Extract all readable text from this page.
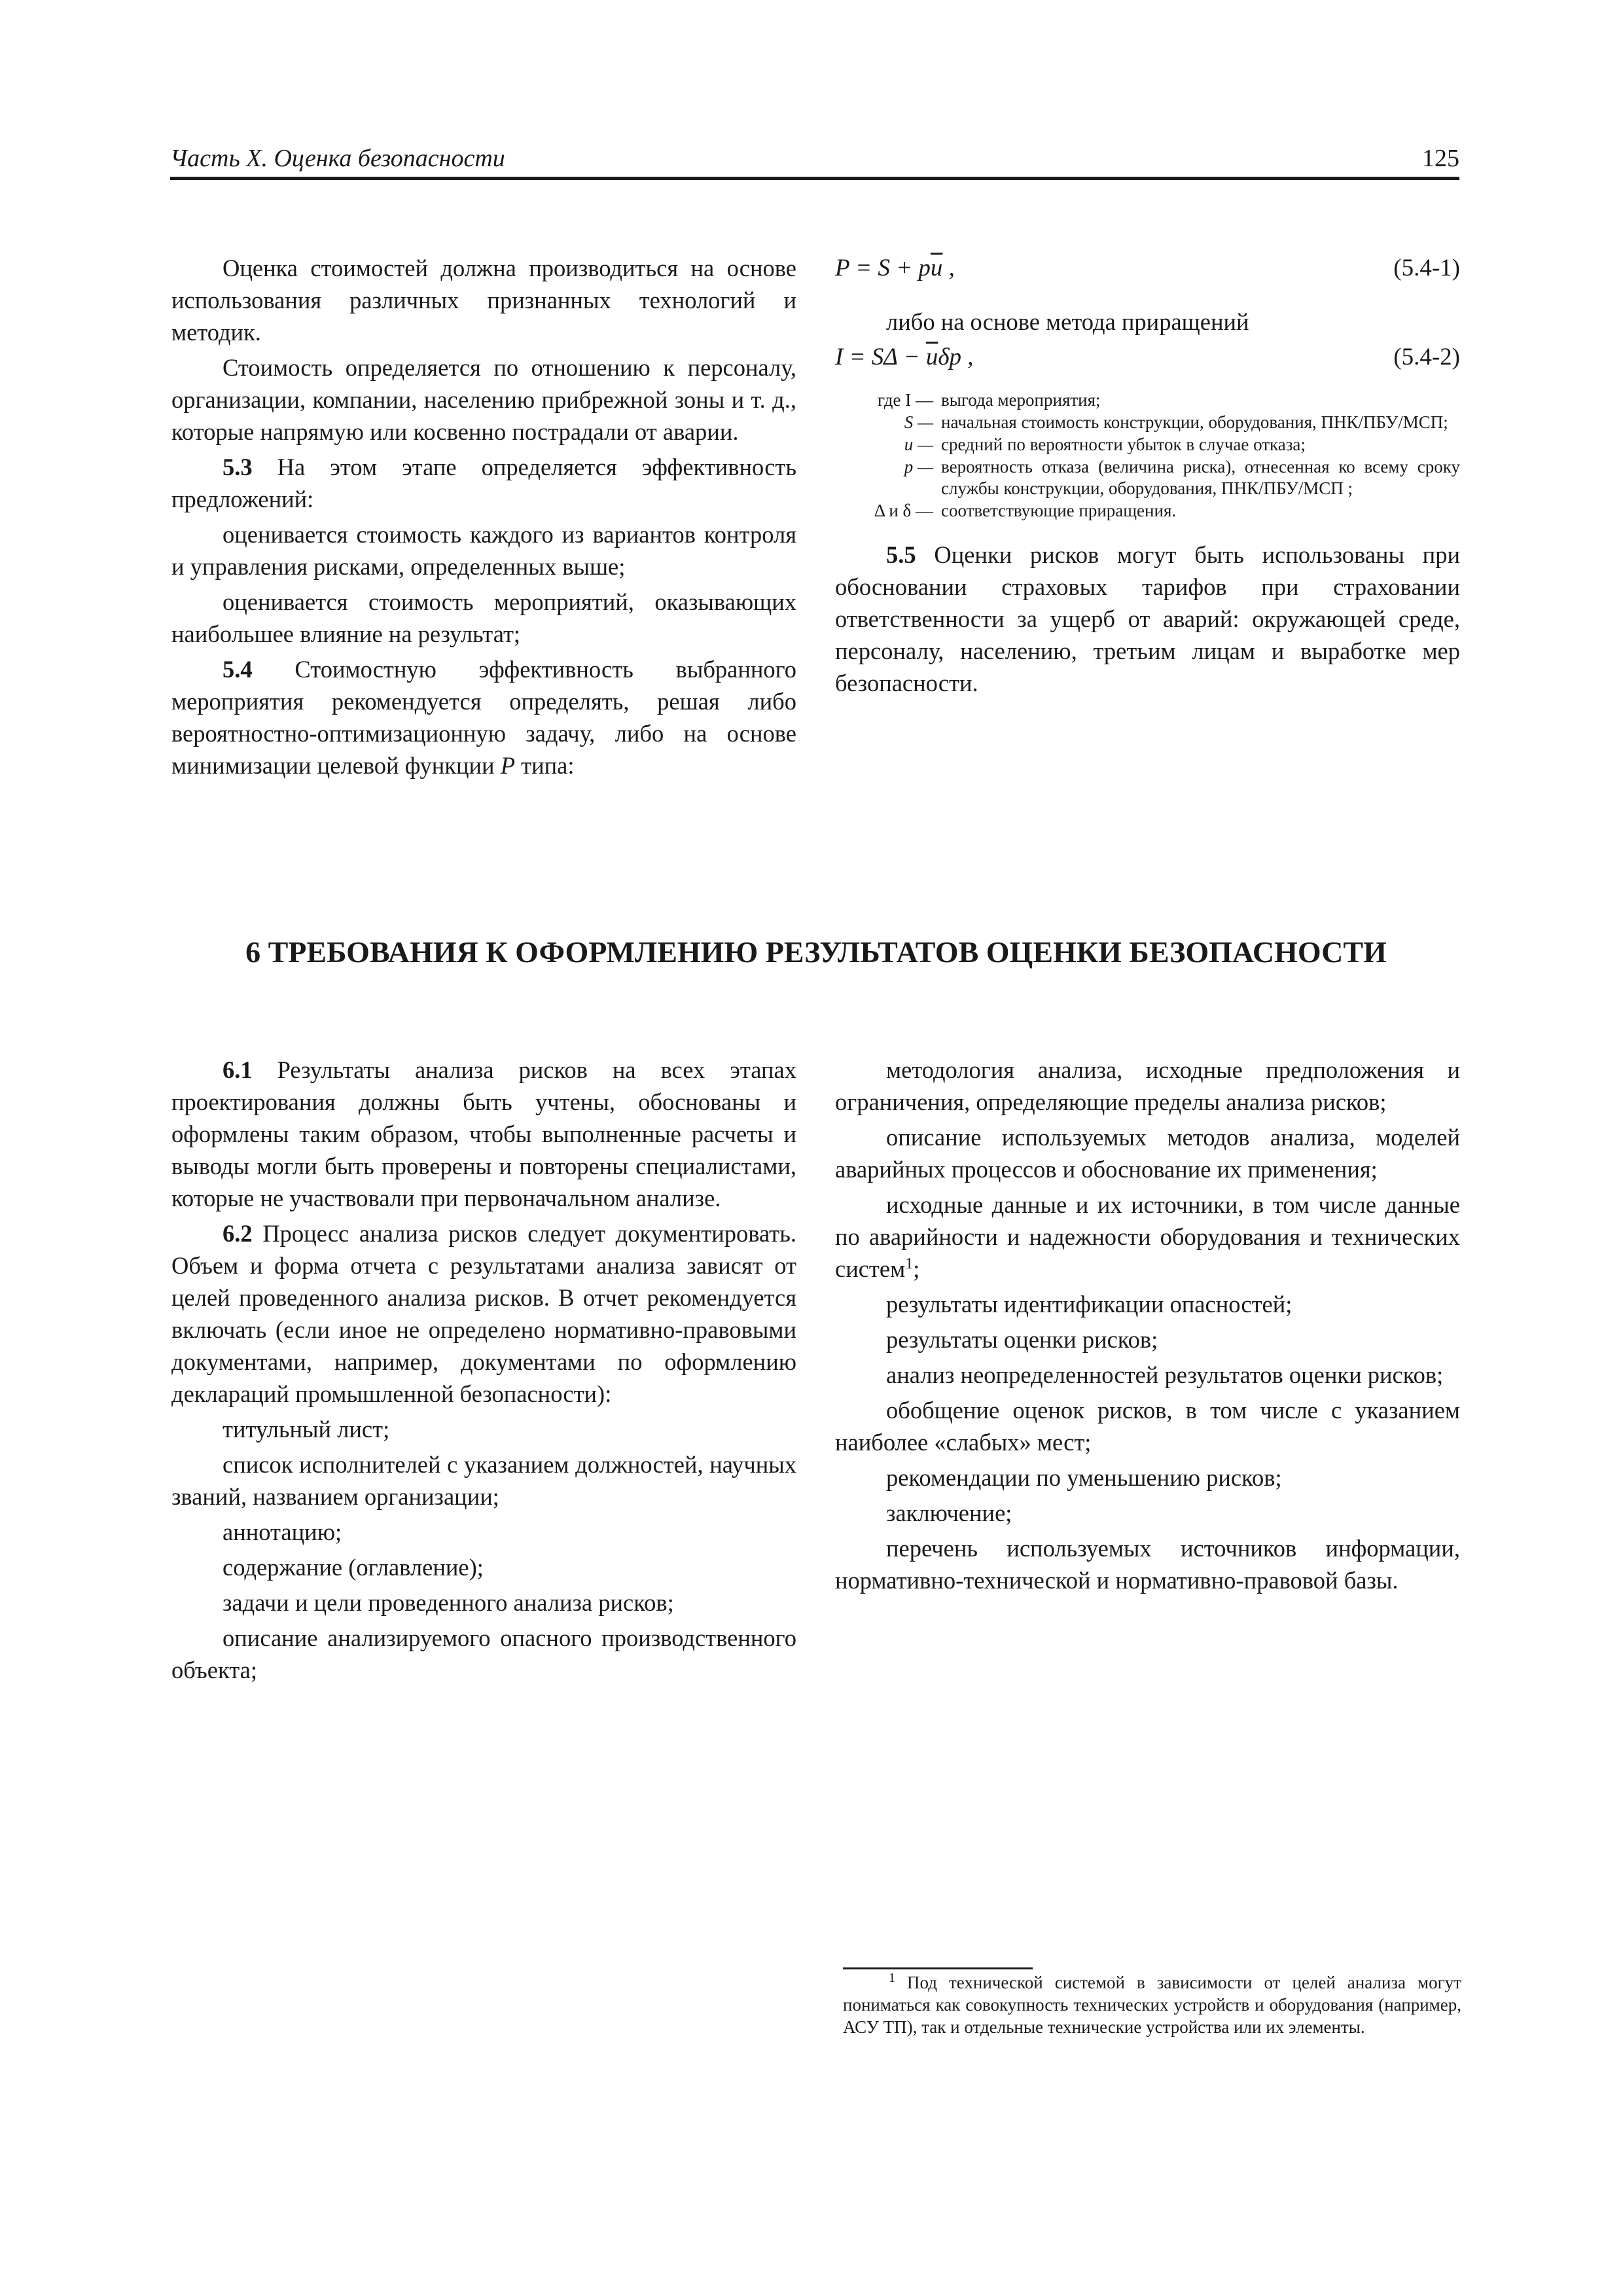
Часть X. Оценка безопасности	125

Оценка стоимостей должна производиться на основе использования различных признанных технологий и методик.

Стоимость определяется по отношению к персоналу, организации, компании, населению прибрежной зоны и т. д., которые напрямую или косвенно пострадали от аварии.

5.3 На этом этапе определяется эффективность предложений:

оценивается стоимость каждого из вариантов контроля и управления рисками, определенных выше;

оценивается стоимость мероприятий, оказывающих наибольшее влияние на результат;

5.4 Стоимостную эффективность выбранного мероприятия рекомендуется определять, решая либо вероятностно-оптимизационную задачу, либо на основе минимизации целевой функции P типа:

$P = S + p\overline{u}$ ,	(5.4-1)

либо на основе метода приращений

$I = S\Delta - \overline{u}\delta p$ ,	(5.4-2)
где I — выгода мероприятия;
S — начальная стоимость конструкции, оборудования, ПНК/ПБУ/МСП;
u — средний по вероятности убыток в случае отказа;
p — вероятность отказа (величина риска), отнесенная ко всему сроку службы конструкции, оборудования, ПНК/ПБУ/МСП ;
Δ и δ — соответствующие приращения.

5.5 Оценки рисков могут быть использованы при обосновании страховых тарифов при страховании ответственности за ущерб от аварий: окружающей среде, персоналу, населению, третьим лицам и выработке мер безопасности.

6 ТРЕБОВАНИЯ К ОФОРМЛЕНИЮ РЕЗУЛЬТАТОВ ОЦЕНКИ БЕЗОПАСНОСТИ

6.1 Результаты анализа рисков на всех этапах проектирования должны быть учтены, обоснованы и оформлены таким образом, чтобы выполненные расчеты и выводы могли быть проверены и повторены специалистами, которые не участвовали при первоначальном анализе.

6.2 Процесс анализа рисков следует документировать. Объем и форма отчета с результатами анализа зависят от целей проведенного анализа рисков. В отчет рекомендуется включать (если иное не определено нормативно-правовыми документами, например, документами по оформлению деклараций промышленной безопасности):

титульный лист;

список исполнителей с указанием должностей, научных званий, названием организации;

аннотацию;

содержание (оглавление);

задачи и цели проведенного анализа рисков;

описание анализируемого опасного производственного объекта;

методология анализа, исходные предположения и ограничения, определяющие пределы анализа рисков;

описание используемых методов анализа, моделей аварийных процессов и обоснование их применения;

исходные данные и их источники, в том числе данные по аварийности и надежности оборудования и технических систем$^1$;

результаты идентификации опасностей;

результаты оценки рисков;

анализ неопределенностей результатов оценки рисков;

обобщение оценок рисков, в том числе с указанием наиболее «слабых» мест;

рекомендации по уменьшению рисков;

заключение;

перечень используемых источников информации, нормативно-технической и нормативно-правовой базы.

$^1$ Под технической системой в зависимости от целей анализа могут пониматься как совокупность технических устройств и оборудования (например, АСУ ТП), так и отдельные технические устройства или их элементы.
